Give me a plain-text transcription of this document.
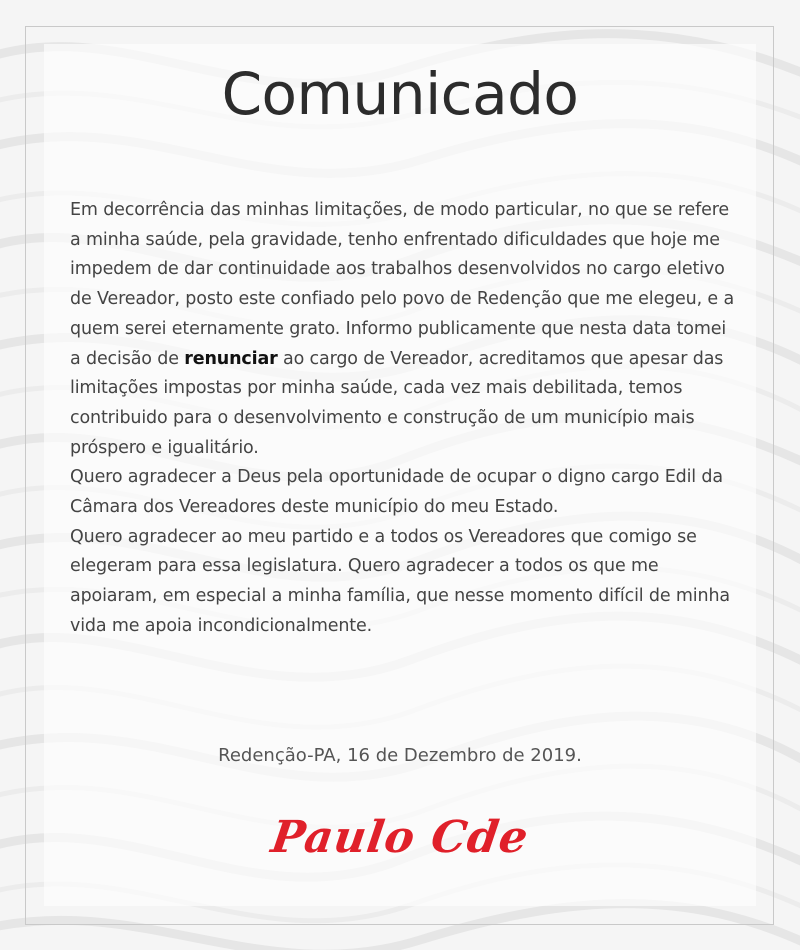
Comunicado

Em decorrência das minhas limitações, de modo particular, no que se refere a minha saúde, pela gravidade, tenho enfrentado dificuldades que hoje me impedem de dar continuidade aos trabalhos desenvolvidos no cargo eletivo de Vereador, posto este confiado pelo povo de Redenção que me elegeu, e a quem serei eternamente grato. Informo publicamente que nesta data tomei a decisão de renunciar ao cargo de Vereador, acreditamos que apesar das limitações impostas por minha saúde, cada vez mais debilitada, temos contribuido para o desenvolvimento e construção de um município mais próspero e igualitário.

Quero agradecer a Deus pela oportunidade de ocupar o digno cargo Edil da Câmara dos Vereadores deste município do meu Estado.

Quero agradecer ao meu partido e a todos os Vereadores que comigo se elegeram para essa legislatura. Quero agradecer a todos os que me apoiaram, em especial a minha família, que nesse momento difícil de minha vida me apoia incondicionalmente.

Redenção-PA, 16 de Dezembro de 2019.
Paulo Cde
